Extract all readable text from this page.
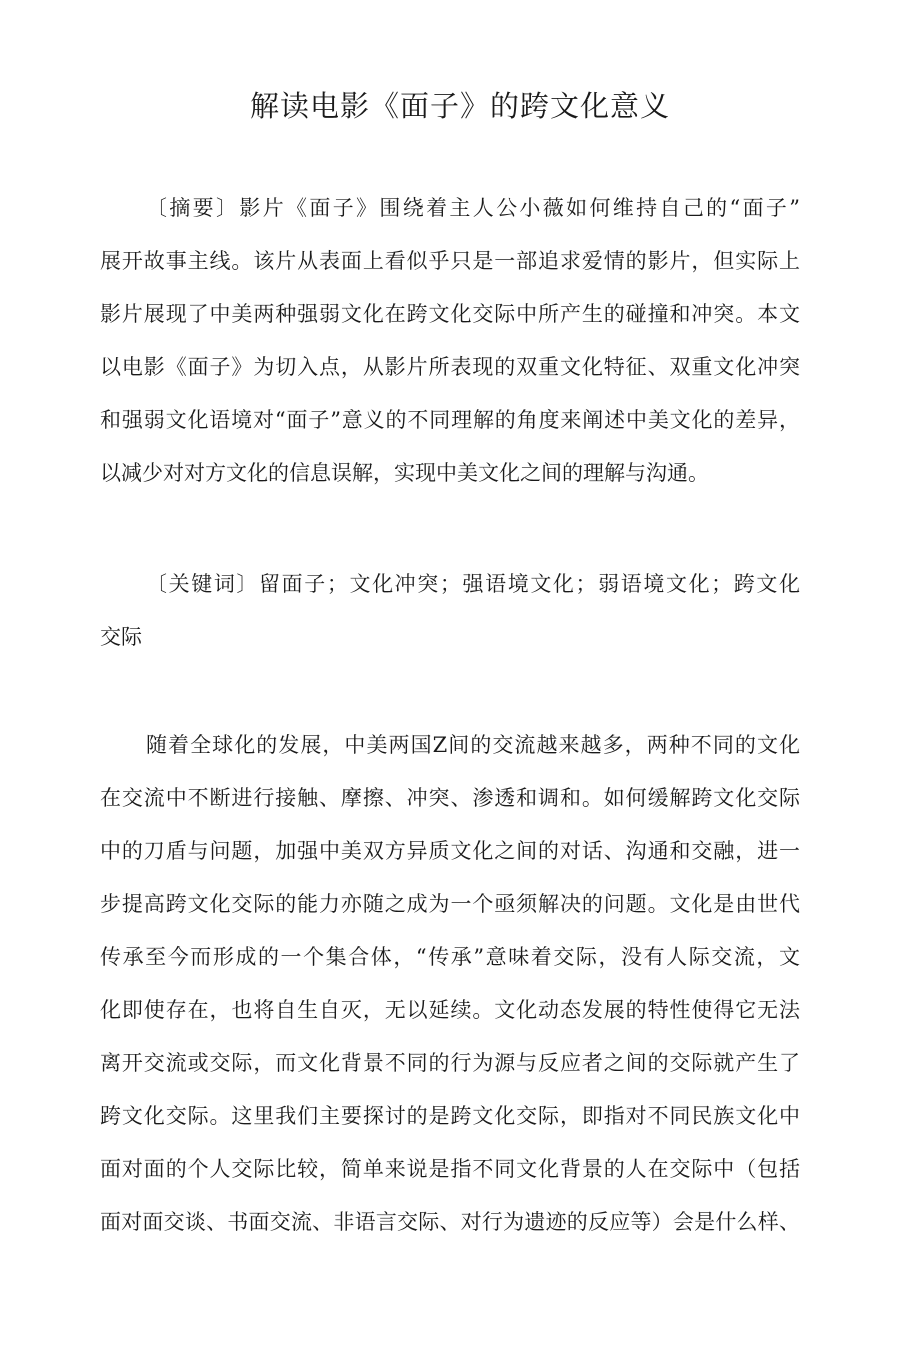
解读电影《面子》的跨文化意义
〔摘要〕影片《面子》围绕着主人公小薇如何维持自己的“面子”
展开故事主线。该片从表面上看似乎只是一部追求爱情的影片，但实际上
影片展现了中美两种强弱文化在跨文化交际中所产生的碰撞和冲突。本文
以电影《面子》为切入点，从影片所表现的双重文化特征、双重文化冲突
和强弱文化语境对“面子”意义的不同理解的角度来阐述中美文化的差异，
以减少对对方文化的信息误解，实现中美文化之间的理解与沟通。
〔关键词〕留面子；文化冲突；强语境文化；弱语境文化；跨文化
交际
随着全球化的发展，中美两国Z间的交流越来越多，两种不同的文化
在交流中不断进行接触、摩擦、冲突、渗透和调和。如何缓解跨文化交际
中的刀盾与问题，加强中美双方异质文化之间的对话、沟通和交融，进一
步提高跨文化交际的能力亦随之成为一个亟须解决的问题。文化是由世代
传承至今而形成的一个集合体，“传承”意味着交际，没有人际交流，文
化即使存在，也将自生自灭，无以延续。文化动态发展的特性使得它无法
离开交流或交际，而文化背景不同的行为源与反应者之间的交际就产生了
跨文化交际。这里我们主要探讨的是跨文化交际，即指对不同民族文化中
面对面的个人交际比较，简单来说是指不同文化背景的人在交际中（包括
面对面交谈、书面交流、非语言交际、对行为遗迹的反应等）会是什么样、
